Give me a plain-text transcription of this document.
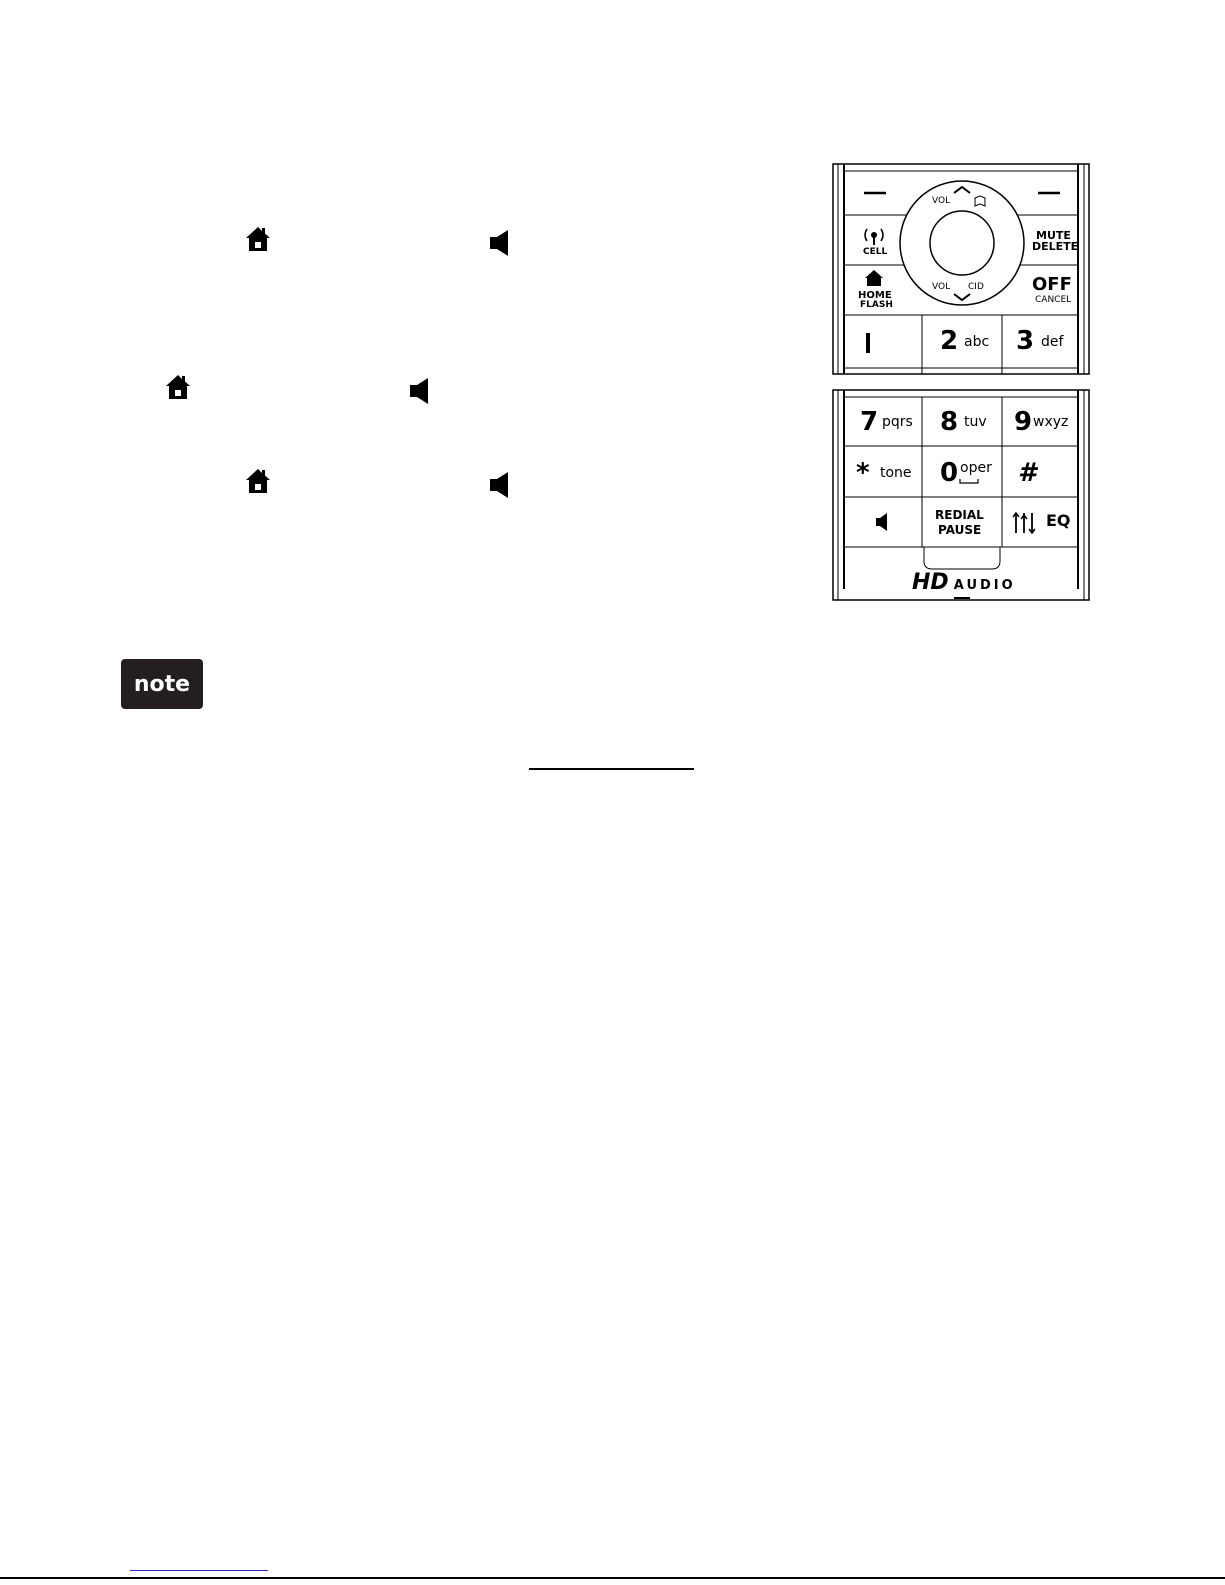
VOL
VOL CID
CELL
HOME
FLASH
MUTE
DELETE
OFF
CANCEL
2 abc 3 def
7 pqrs 8 tuv 9 wxyz
* tone 0 oper #
REDIAL
PAUSE	EQ
HD AUDIO
note
